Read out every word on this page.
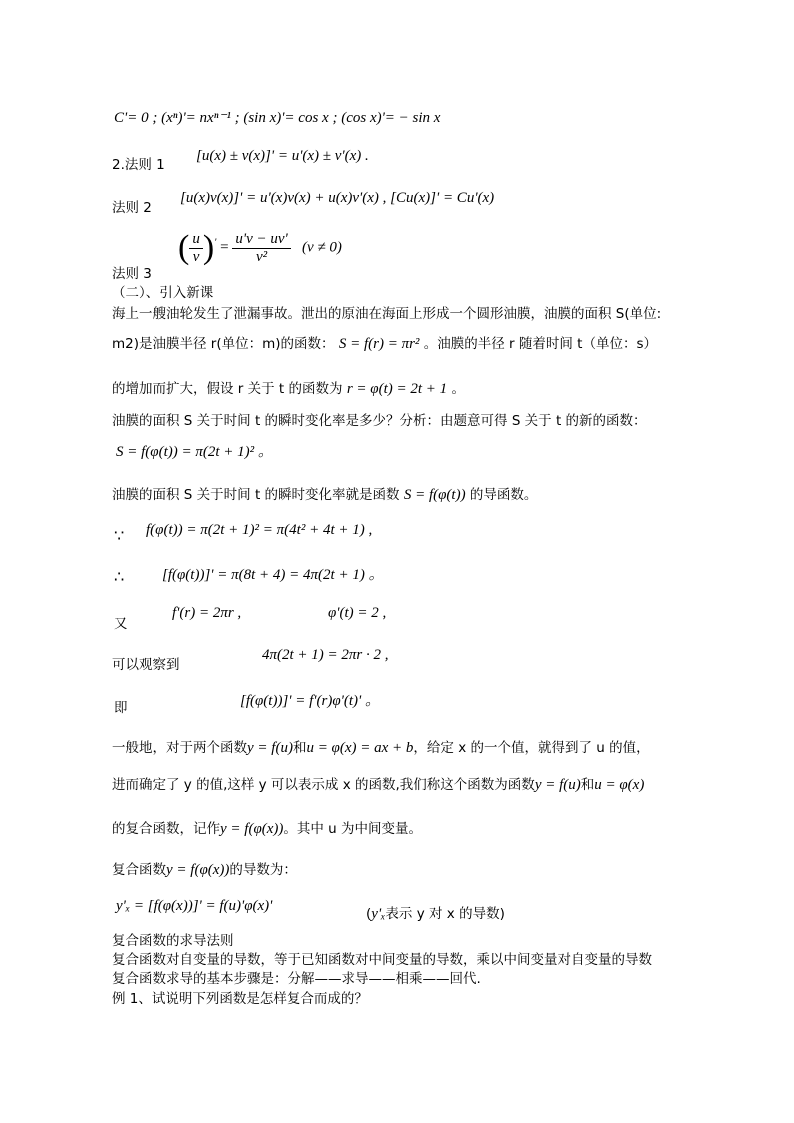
C'= 0 ; (xⁿ)'= nxⁿ⁻¹ ; (sin x)'= cos x ; (cos x)'= − sin x
2.法则 1
[u(x) ± v(x)]' = u'(x) ± v'(x) .
法则 2
[u(x)v(x)]' = u'(x)v(x) + u(x)v'(x) , [Cu(x)]' = Cu'(x)
法则 3
( $\frac{u}{v} )' = \frac{u'v - uv'}{\text{v²}} (v \ne 0)$
（二）、引入新课
海上一艘油轮发生了泄漏事故。泄出的原油在海面上形成一个圆形油膜，油膜的面积 S(单位:
m2)是油膜半径 r(单位：m)的函数： S = f(r) = πr² 。油膜的半径 r 随着时间 t（单位：s）
的增加而扩大，假设 r 关于 t 的函数为 r = φ(t) = 2t + 1 。
油膜的面积 S 关于时间 t 的瞬时变化率是多少？分析：由题意可得 S 关于 t 的新的函数：
S = f(φ(t)) = π(2t + 1)² 。
油膜的面积 S 关于时间 t 的瞬时变化率就是函数 S = f(φ(t)) 的导函数。
∵ f(φ(t)) = π(2t + 1)² = π(4t² + 4t + 1) ,
∴	[f(φ(t))]' = π(8t + 4) = 4π(2t + 1) 。
又
f'(r) = 2πr ,	φ'(t) = 2 ,
可以观察到
4π(2t + 1) = 2πr · 2 ,
即	[f(φ(t))]' = f'(r)φ'(t)' 。
一般地，对于两个函数y = f(u)和u = φ(x) = ax + b，给定 x 的一个值，就得到了 u 的值，
进而确定了 y 的值,这样 y 可以表示成 x 的函数,我们称这个函数为函数y = f(u)和u = φ(x)
的复合函数，记作y = f(φ(x))。其中 u 为中间变量。
复合函数y = f(φ(x))的导数为：
y'ₓ = [f(φ(x))]' = f(u)'φ(x)'	(y'ₓ表示 y 对 x 的导数)
复合函数的求导法则
复合函数对自变量的导数，等于已知函数对中间变量的导数，乘以中间变量对自变量的导数
复合函数求导的基本步骤是：分解——求导——相乘——回代.
例 1、试说明下列函数是怎样复合而成的？
